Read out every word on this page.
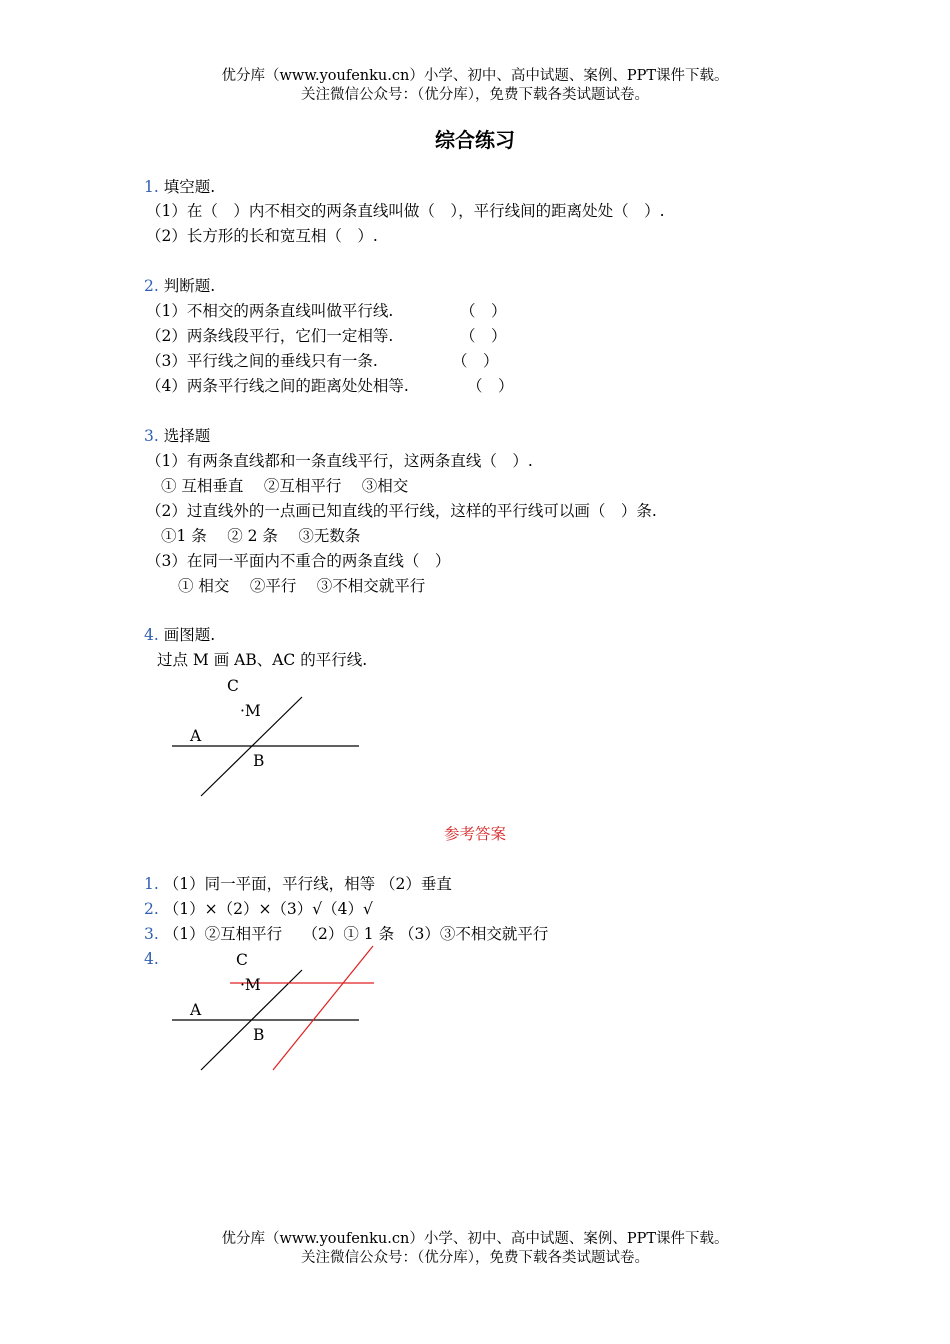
优分库（www.youfenku.cn）小学、初中、高中试题、案例、PPT课件下载。
关注微信公众号：（优分库），免费下载各类试题试卷。
综合练习
1. 填空题.
（1）在（　）内不相交的两条直线叫做（　），平行线间的距离处处（　）.
（2）长方形的长和宽互相（　）.
2. 判断题.
（1）不相交的两条直线叫做平行线.	（　）
（2）两条线段平行，它们一定相等.	（　）
（3）平行线之间的垂线只有一条.	（　）
（4）两条平行线之间的距离处处相等.	（　）
3. 选择题
（1）有两条直线都和一条直线平行，这两条直线（　）.
① 互相垂直　 ②互相平行　 ③相交
（2）过直线外的一点画已知直线的平行线，这样的平行线可以画（　）条.
①1 条　 ② 2 条　 ③无数条
（3）在同一平面内不重合的两条直线（　）
① 相交　 ②平行　 ③不相交就平行
4. 画图题.
过点 M 画 AB、AC 的平行线.
C
·M
A
B
参考答案
1. （1）同一平面，平行线，相等 （2）垂直
2. （1）×（2）×（3）√（4）√
3. （1）②互相平行　 （2）① 1 条 （3）③不相交就平行
4.	C
·M
A
B
优分库（www.youfenku.cn）小学、初中、高中试题、案例、PPT课件下载。
关注微信公众号：（优分库），免费下载各类试题试卷。
